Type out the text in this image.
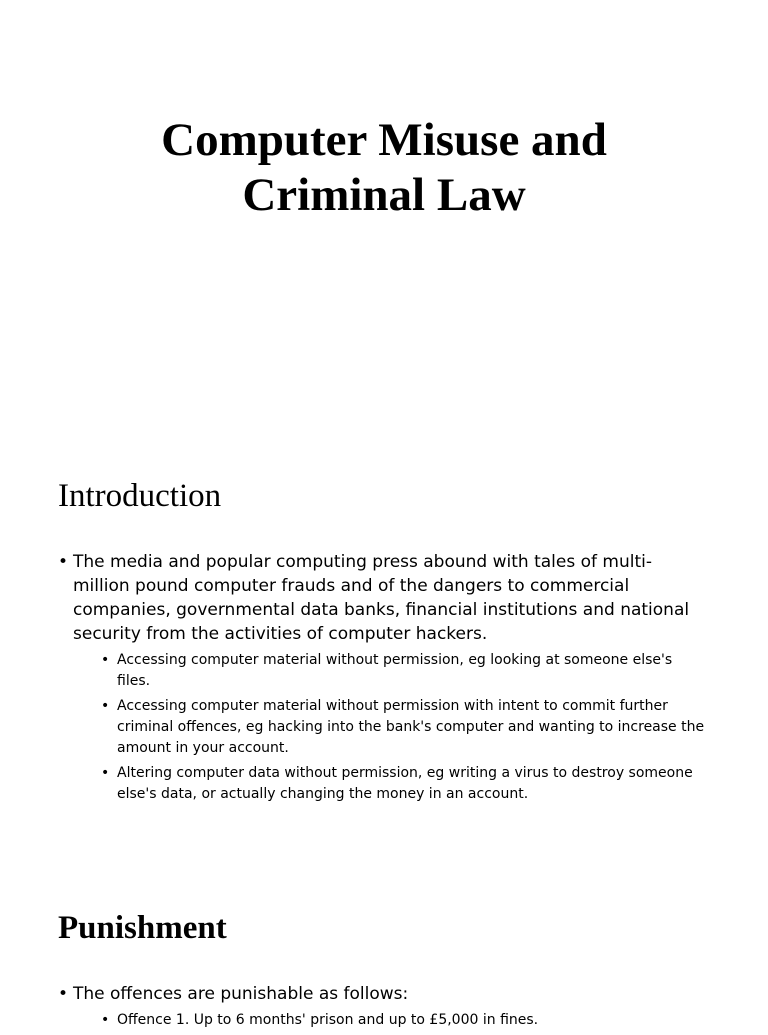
Computer Misuse and
Criminal Law
Introduction
• The media and popular computing press abound with tales of multi-million pound computer frauds and of the dangers to commercial companies, governmental data banks, financial institutions and national security from the activities of computer hackers.
• Accessing computer material without permission, eg looking at someone else's files.
• Accessing computer material without permission with intent to commit further criminal offences, eg hacking into the bank's computer and wanting to increase the amount in your account.
• Altering computer data without permission, eg writing a virus to destroy someone else's data, or actually changing the money in an account.
Punishment
• The offences are punishable as follows:
• Offence 1. Up to 6 months' prison and up to £5,000 in fines.
